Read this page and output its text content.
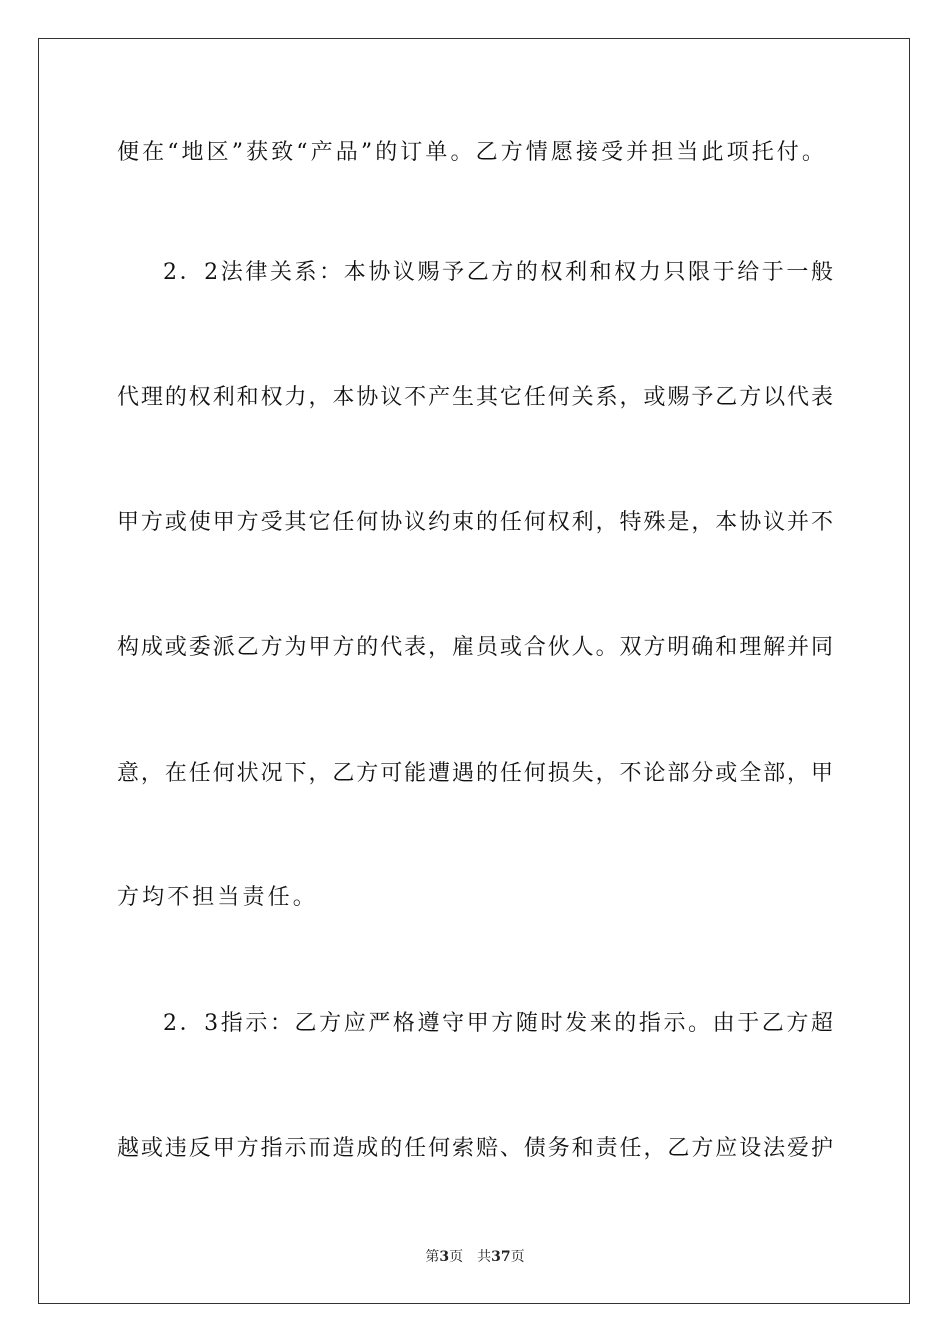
便在“地区”获致“产品”的订单。乙方情愿接受并担当此项托付。
2．2法律关系：本协议赐予乙方的权利和权力只限于给于一般
代理的权利和权力，本协议不产生其它任何关系，或赐予乙方以代表
甲方或使甲方受其它任何协议约束的任何权利，特殊是，本协议并不
构成或委派乙方为甲方的代表，雇员或合伙人。双方明确和理解并同
意，在任何状况下，乙方可能遭遇的任何损失，不论部分或全部，甲
方均不担当责任。
2．3指示：乙方应严格遵守甲方随时发来的指示。由于乙方超
越或违反甲方指示而造成的任何索赔、债务和责任，乙方应设法爱护
第3页 共37页
